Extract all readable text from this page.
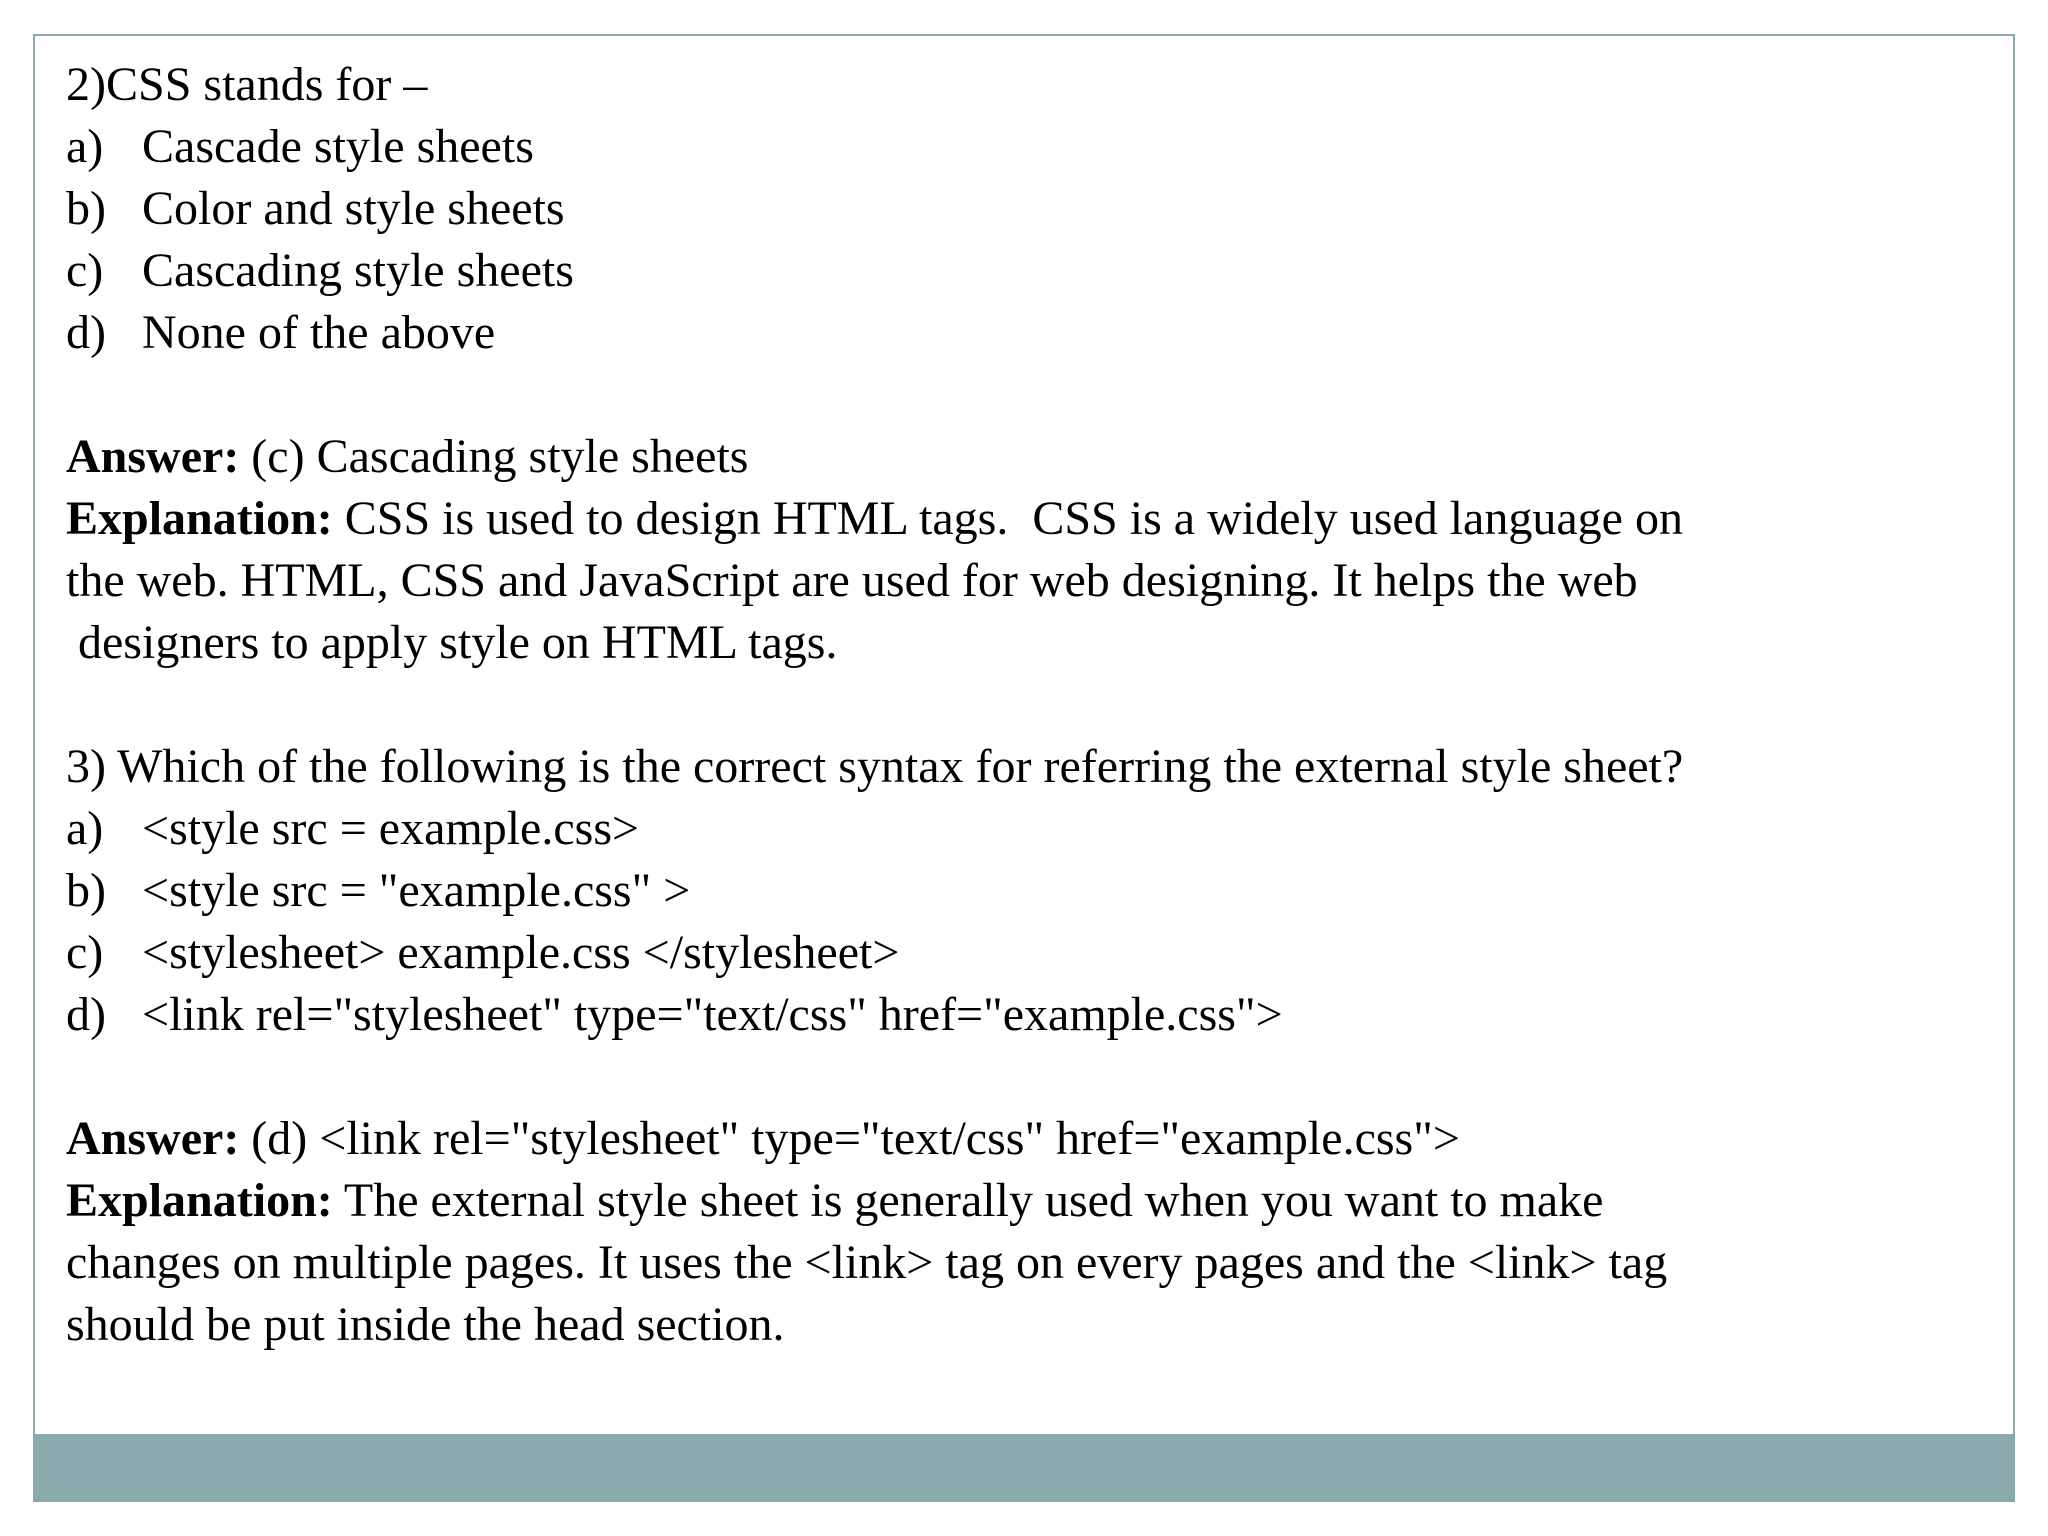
2)CSS stands for –
a) Cascade style sheets
b) Color and style sheets
c) Cascading style sheets
d) None of the above
Answer: (c) Cascading style sheets
Explanation: CSS is used to design HTML tags.  CSS is a widely used language on
the web. HTML, CSS and JavaScript are used for web designing. It helps the web
designers to apply style on HTML tags.
3) Which of the following is the correct syntax for referring the external style sheet?
a) <style src = example.css>
b) <style src = "example.css" >
c) <stylesheet> example.css </stylesheet>
d) <link rel="stylesheet" type="text/css" href="example.css">
Answer: (d) <link rel="stylesheet" type="text/css" href="example.css">
Explanation: The external style sheet is generally used when you want to make
changes on multiple pages. It uses the <link> tag on every pages and the <link> tag
should be put inside the head section.
